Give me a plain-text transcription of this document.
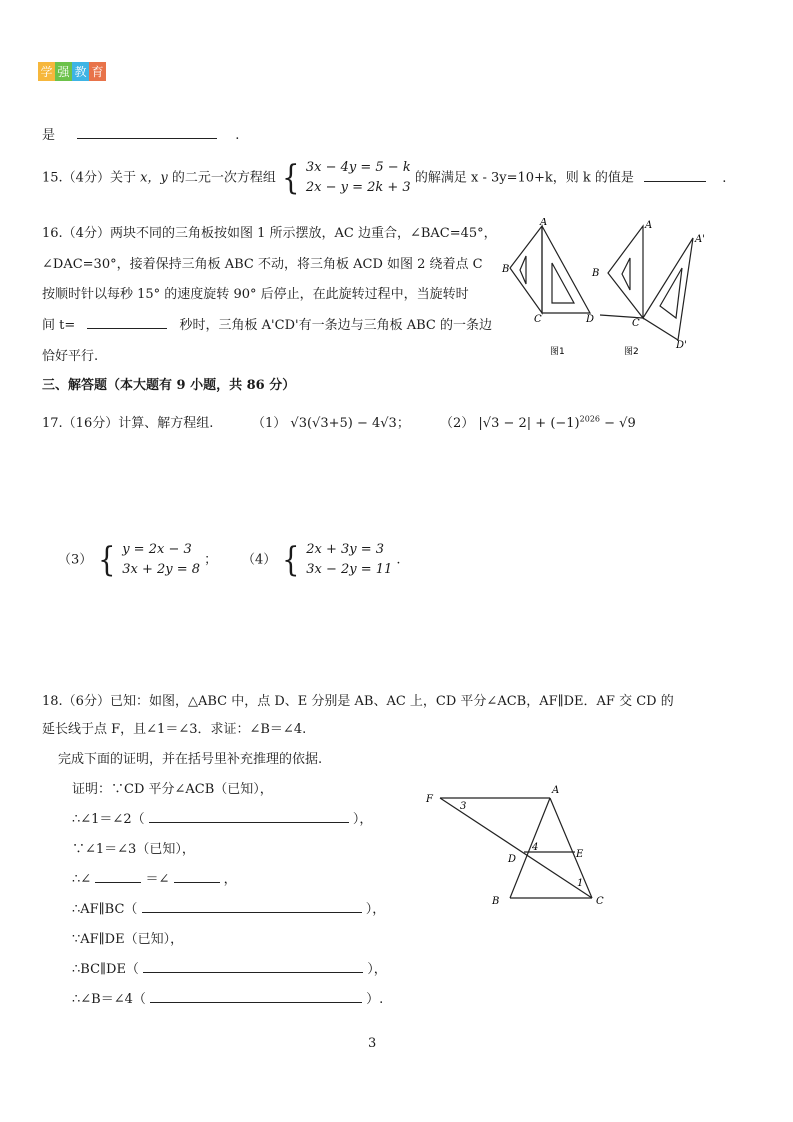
学 强 教 育
是	.
15.（4分）关于 x，y 的二元一次方程组 { 3x − 4y = 5 − k
2x − y = 2k + 3 的解满足 x - 3y=10+k，则 k 的值是	.
16.（4分）两块不同的三角板按如图 1 所示摆放，AC 边重合，∠BAC=45°，
∠DAC=30°，接着保持三角板 ABC 不动，将三角板 ACD 如图 2 绕着点 C
按顺时针以每秒 15° 的速度旋转 90° 后停止，在此旋转过程中，当旋转时
间 t=	秒时，三角板 A'CD'有一条边与三角板 ABC 的一条边
恰好平行.
A
B
C	D
A
B
C
A'
D'
图1	图2
三、解答题（本大题有 9 小题，共 86 分）
17.（16分）计算、解方程组.	（1） √3(√3+5) − 4√3； （2） $|√3 - 2| + (-1)^{2026} - √9$
（3） { y = 2x − 3
3x + 2y = 8 ； （4） { 2x + 3y = 3
3x − 2y = 11 .
18.（6分）已知：如图，△ABC 中，点 D、E 分别是 AB、AC 上，CD 平分∠ACB，AF∥DE．AF 交 CD 的
延长线于点 F，且∠1＝∠3．求证：∠B＝∠4.
完成下面的证明，并在括号里补充推理的依据.
证明：∵CD 平分∠ACB（已知），
∴∠1＝∠2（	），
∵∠1＝∠3（已知），
∴∠	＝∠	，
∴AF∥BC（	），
∵AF∥DE（已知），
∴BC∥DE（	），
∴∠B＝∠4（	）.
F
A
D	E
B	C
3
4
1
3
